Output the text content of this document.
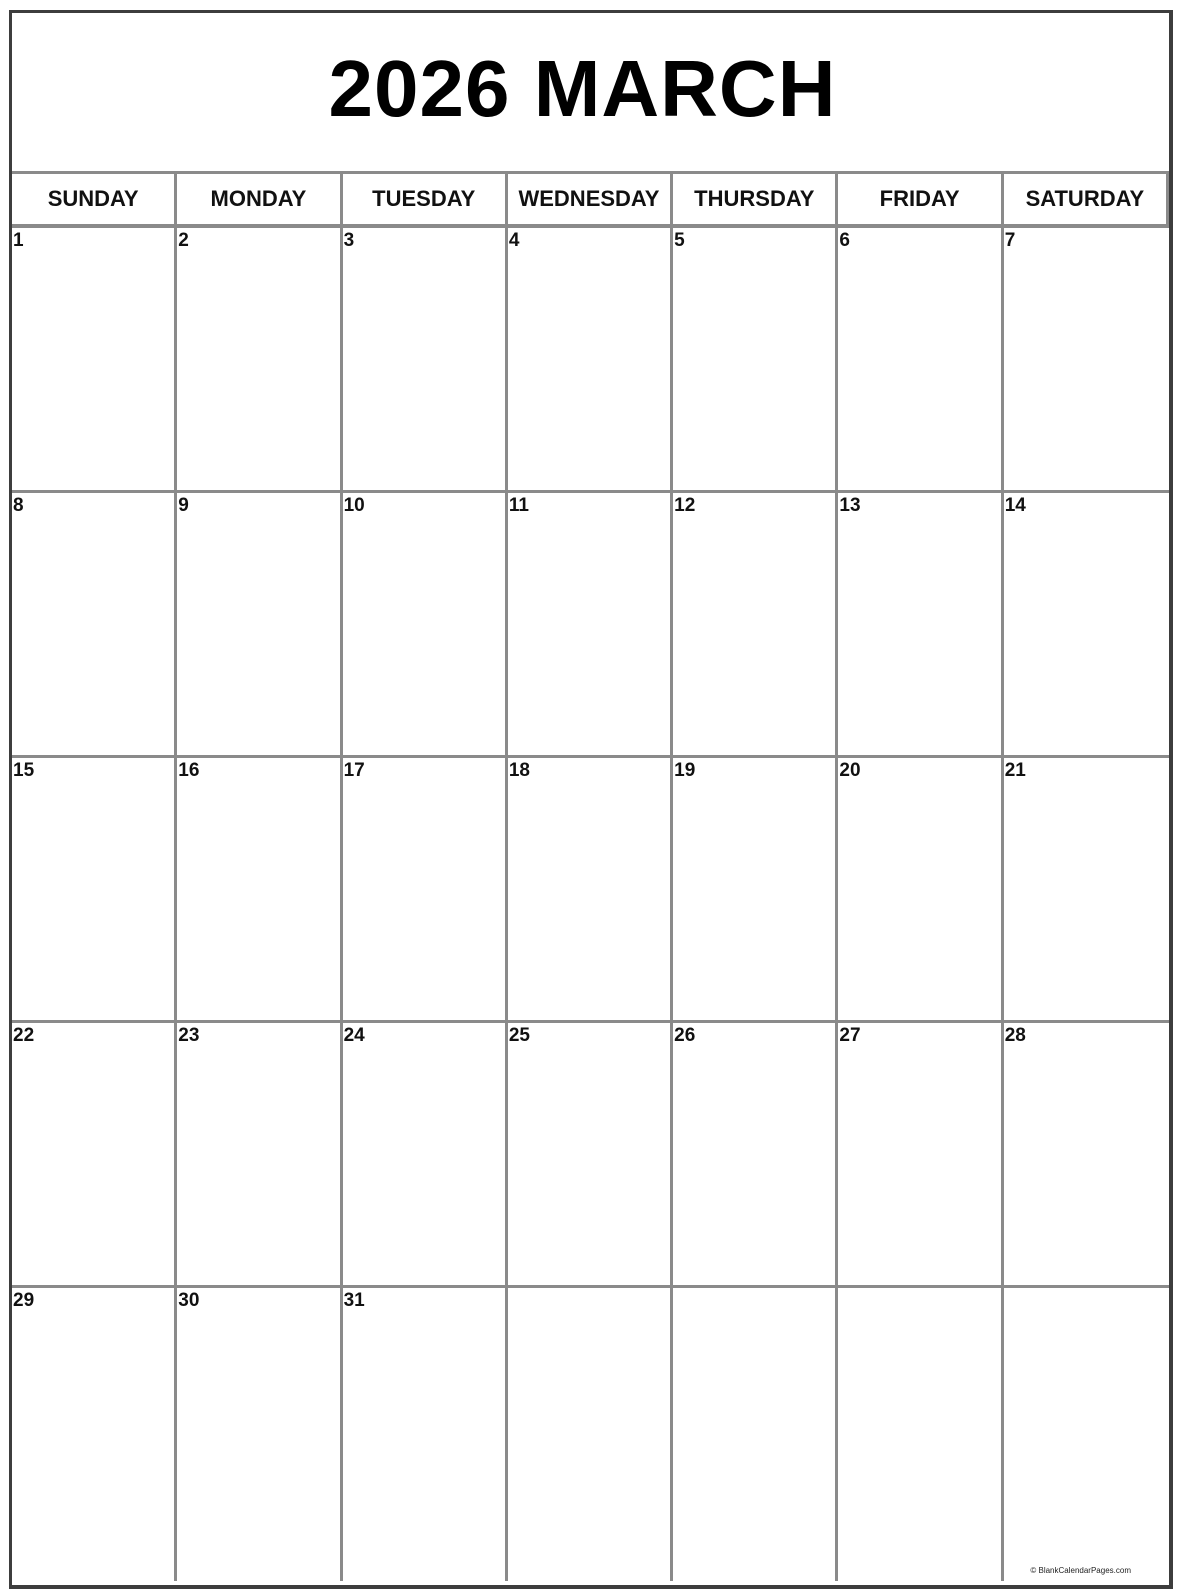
2026 MARCH
SUNDAY	MONDAY	TUESDAY	WEDNESDAY	THURSDAY	FRIDAY	SATURDAY
1	2	3	4	5	6	7
8	9	10	11	12	13	14
15	16	17	18	19	20	21
22	23	24	25	26	27	28
29	30	31
© BlankCalendarPages.com
